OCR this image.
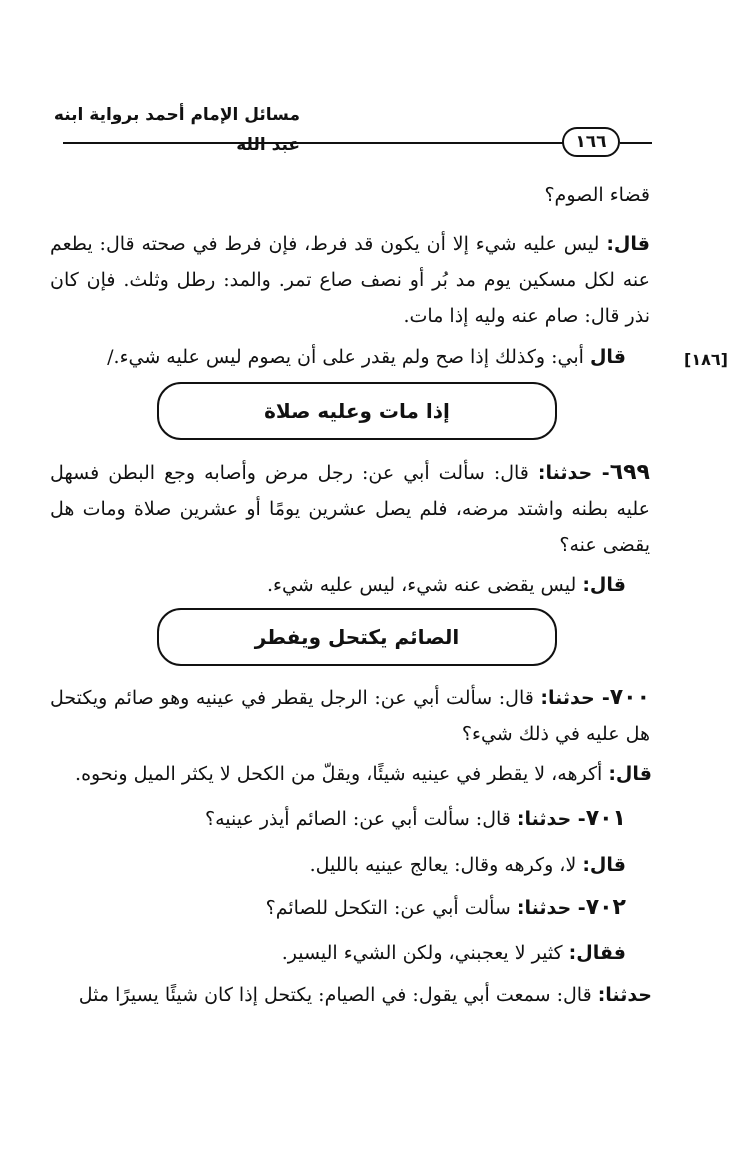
مسائل الإمام أحمد برواية ابنه عبد الله	١٦٦
قضاء الصوم؟
قال: ليس عليه شيء إلا أن يكون قد فرط، فإن فرط في صحته قال: يطعم عنه لكل مسكين يوم مد بُر أو نصف صاع تمر. والمد: رطل وثلث. فإن كان نذر قال: صام عنه وليه إذا مات.
[١٨٦]
قال أبي: وكذلك إذا صح ولم يقدر على أن يصوم ليس عليه شيء./
إذا مات وعليه صلاة
٦٩٩- حدثنا: قال: سألت أبي عن: رجل مرض وأصابه وجع البطن فسهل عليه بطنه واشتد مرضه، فلم يصل عشرين يومًا أو عشرين صلاة ومات هل يقضى عنه؟
قال: ليس يقضى عنه شيء، ليس عليه شيء.
الصائم يكتحل ويفطر
٧٠٠- حدثنا: قال: سألت أبي عن: الرجل يقطر في عينيه وهو صائم ويكتحل هل عليه في ذلك شيء؟
قال: أكرهه، لا يقطر في عينيه شيئًا، ويقلّ من الكحل لا يكثر الميل ونحوه.
٧٠١- حدثنا: قال: سألت أبي عن: الصائم أيذر عينيه؟
قال: لا، وكرهه وقال: يعالج عينيه بالليل.
٧٠٢- حدثنا: سألت أبي عن: التكحل للصائم؟
فقال: كثير لا يعجبني، ولكن الشيء اليسير.
حدثنا: قال: سمعت أبي يقول: في الصيام: يكتحل إذا كان شيئًا يسيرًا مثل
